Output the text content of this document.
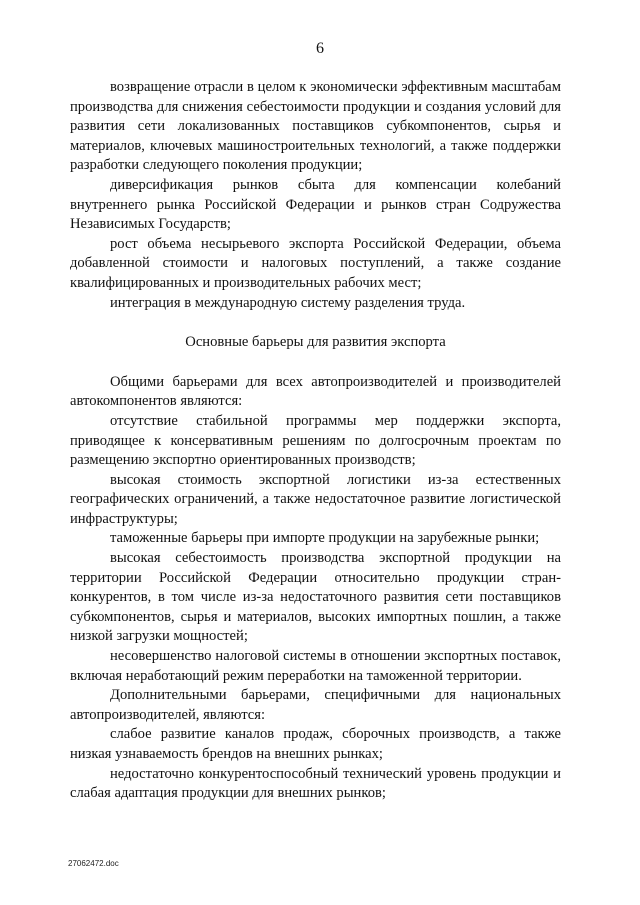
6

возвращение отрасли в целом к экономически эффективным масштабам производства для снижения себестоимости продукции и создания условий для развития сети локализованных поставщиков субкомпонентов, сырья и материалов, ключевых машиностроительных технологий, а также поддержки разработки следующего поколения продукции;

диверсификация рынков сбыта для компенсации колебаний внутреннего рынка Российской Федерации и рынков стран Содружества Независимых Государств;

рост объема несырьевого экспорта Российской Федерации, объема добавленной стоимости и налоговых поступлений, а также создание квалифицированных и производительных рабочих мест;

интеграция в международную систему разделения труда.

Основные барьеры для развития экспорта

Общими барьерами для всех автопроизводителей и производителей автокомпонентов являются:

отсутствие стабильной программы мер поддержки экспорта, приводящее к консервативным решениям по долгосрочным проектам по размещению экспортно ориентированных производств;

высокая стоимость экспортной логистики из-за естественных географических ограничений, а также недостаточное развитие логистической инфраструктуры;

таможенные барьеры при импорте продукции на зарубежные рынки;

высокая себестоимость производства экспортной продукции на территории Российской Федерации относительно продукции стран-конкурентов, в том числе из-за недостаточного развития сети поставщиков субкомпонентов, сырья и материалов, высоких импортных пошлин, а также низкой загрузки мощностей;

несовершенство налоговой системы в отношении экспортных поставок, включая неработающий режим переработки на таможенной территории.

Дополнительными барьерами, специфичными для национальных автопроизводителей, являются:

слабое развитие каналов продаж, сборочных производств, а также низкая узнаваемость брендов на внешних рынках;

недостаточно конкурентоспособный технический уровень продукции и слабая адаптация продукции для внешних рынков;

27062472.doc
